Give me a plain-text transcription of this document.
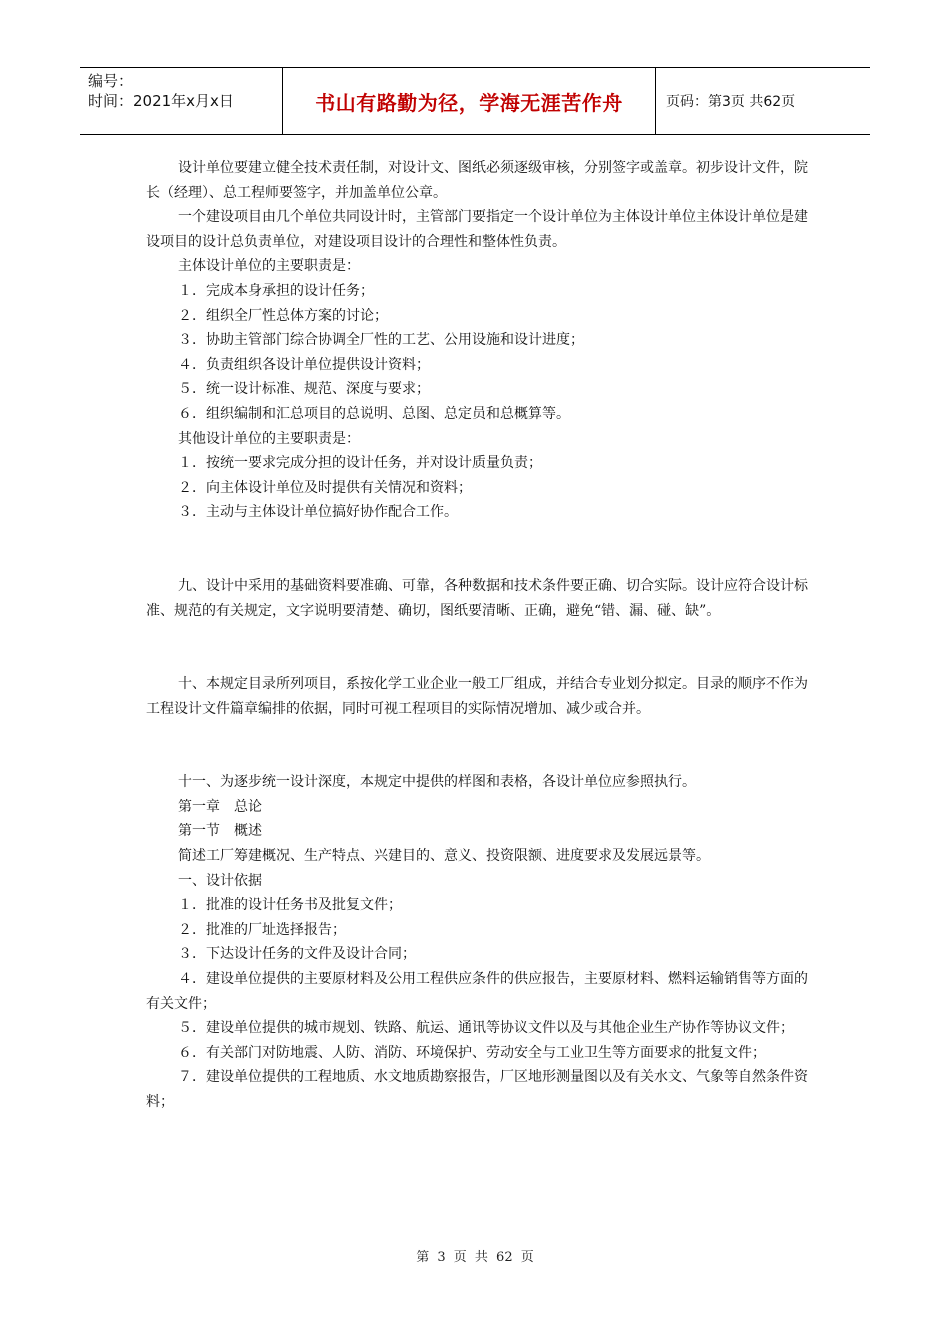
编号：
时间：2021年x月x日	书山有路勤为径，学海无涯苦作舟	页码：第3页 共62页

设计单位要建立健全技术责任制，对设计文、图纸必须逐级审核，分别签字或盖章。初步设计文件，院长（经理）、总工程师要签字，并加盖单位公章。

一个建设项目由几个单位共同设计时，主管部门要指定一个设计单位为主体设计单位主体设计单位是建设项目的设计总负责单位，对建设项目设计的合理性和整体性负责。

主体设计单位的主要职责是：

１．完成本身承担的设计任务；

２．组织全厂性总体方案的讨论；

３．协助主管部门综合协调全厂性的工艺、公用设施和设计进度；

４．负责组织各设计单位提供设计资料；

５．统一设计标准、规范、深度与要求；

６．组织编制和汇总项目的总说明、总图、总定员和总概算等。

其他设计单位的主要职责是：

１．按统一要求完成分担的设计任务，并对设计质量负责；

２．向主体设计单位及时提供有关情况和资料；

３．主动与主体设计单位搞好协作配合工作。

九、设计中采用的基础资料要准确、可靠，各种数据和技术条件要正确、切合实际。设计应符合设计标准、规范的有关规定，文字说明要清楚、确切，图纸要清晰、正确，避免“错、漏、碰、缺”。

十、本规定目录所列项目，系按化学工业企业一般工厂组成，并结合专业划分拟定。目录的顺序不作为工程设计文件篇章编排的依据，同时可视工程项目的实际情况增加、减少或合并。

十一、为逐步统一设计深度，本规定中提供的样图和表格，各设计单位应参照执行。

第一章　总论

第一节　概述

简述工厂筹建概况、生产特点、兴建目的、意义、投资限额、进度要求及发展远景等。

一、设计依据

１．批准的设计任务书及批复文件；

２．批准的厂址选择报告；

３．下达设计任务的文件及设计合同；

４．建设单位提供的主要原材料及公用工程供应条件的供应报告，主要原材料、燃料运输销售等方面的有关文件；

５．建设单位提供的城市规划、铁路、航运、通讯等协议文件以及与其他企业生产协作等协议文件；

６．有关部门对防地震、人防、消防、环境保护、劳动安全与工业卫生等方面要求的批复文件；

７．建设单位提供的工程地质、水文地质勘察报告，厂区地形测量图以及有关水文、气象等自然条件资料；

第 3 页 共 62 页
